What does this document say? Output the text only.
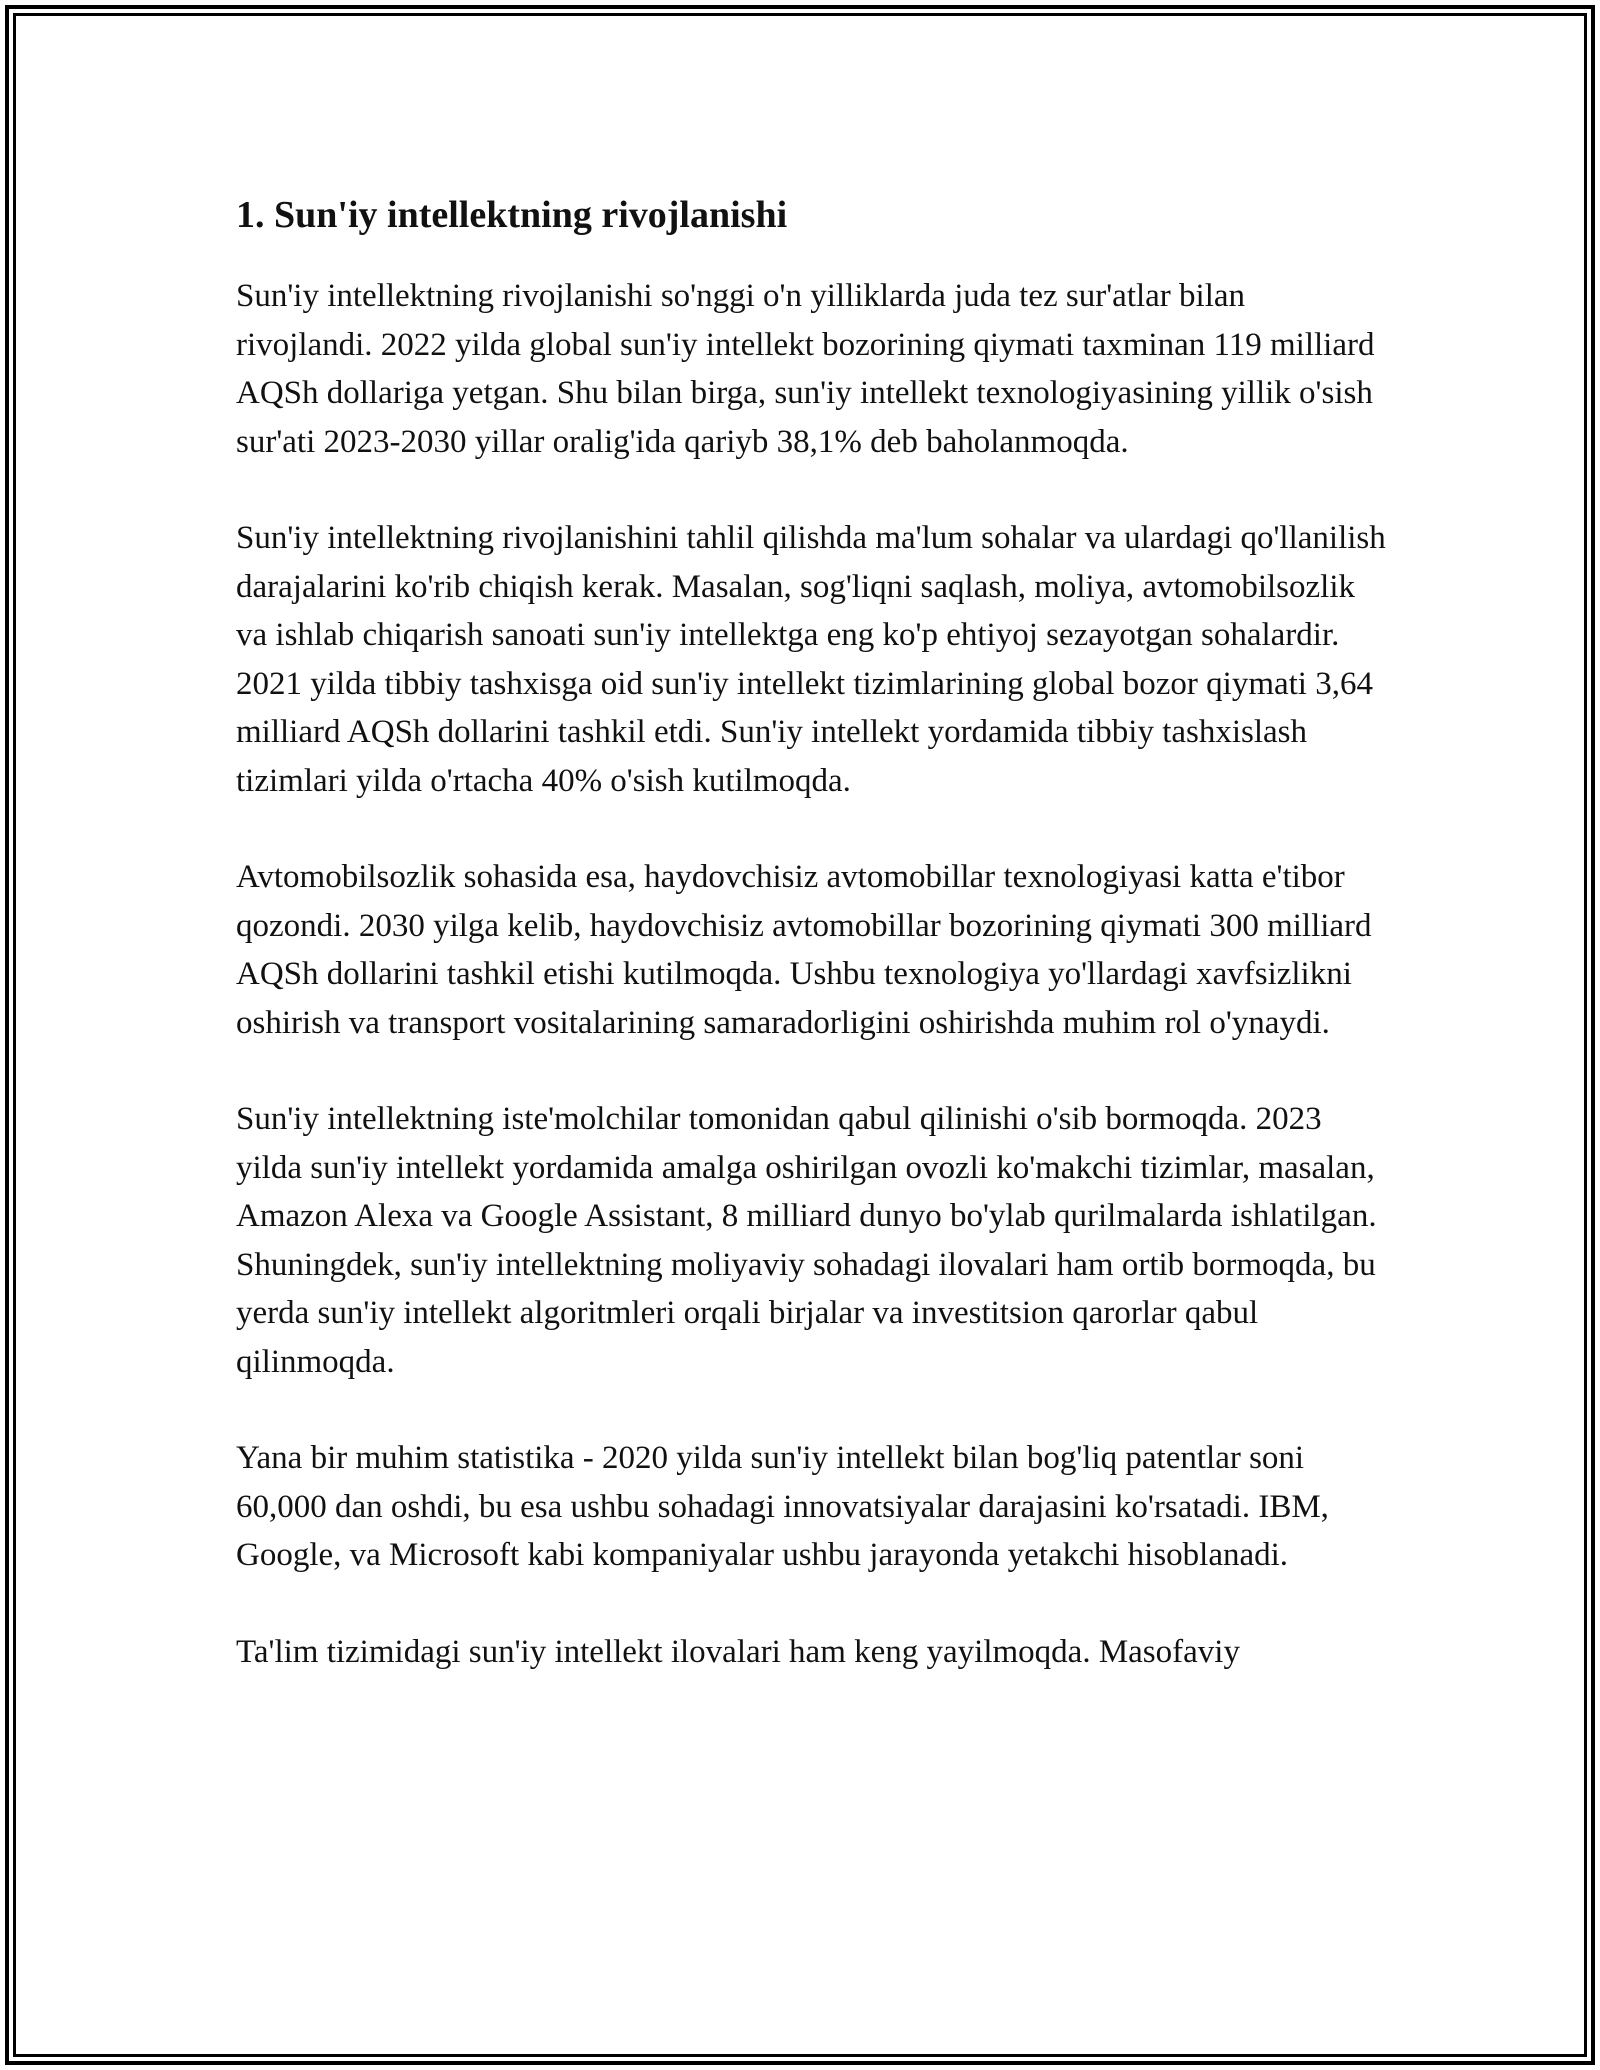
1. Sun'iy intellektning rivojlanishi

Sun'iy intellektning rivojlanishi so'nggi o'n yilliklarda juda tez sur'atlar bilan rivojlandi. 2022 yilda global sun'iy intellekt bozorining qiymati taxminan 119 milliard AQSh dollariga yetgan. Shu bilan birga, sun'iy intellekt texnologiyasining yillik o'sish sur'ati 2023-2030 yillar oralig'ida qariyb 38,1% deb baholanmoqda.

Sun'iy intellektning rivojlanishini tahlil qilishda ma'lum sohalar va ulardagi qo'llanilish darajalarini ko'rib chiqish kerak. Masalan, sog'liqni saqlash, moliya, avtomobilsozlik va ishlab chiqarish sanoati sun'iy intellektga eng ko'p ehtiyoj sezayotgan sohalardir. 2021 yilda tibbiy tashxisga oid sun'iy intellekt tizimlarining global bozor qiymati 3,64 milliard AQSh dollarini tashkil etdi. Sun'iy intellekt yordamida tibbiy tashxislash tizimlari yilda o'rtacha 40% o'sish kutilmoqda.

Avtomobilsozlik sohasida esa, haydovchisiz avtomobillar texnologiyasi katta e'tibor qozondi. 2030 yilga kelib, haydovchisiz avtomobillar bozorining qiymati 300 milliard AQSh dollarini tashkil etishi kutilmoqda. Ushbu texnologiya yo'llardagi xavfsizlikni oshirish va transport vositalarining samaradorligini oshirishda muhim rol o'ynaydi.

Sun'iy intellektning iste'molchilar tomonidan qabul qilinishi o'sib bormoqda. 2023 yilda sun'iy intellekt yordamida amalga oshirilgan ovozli ko'makchi tizimlar, masalan, Amazon Alexa va Google Assistant, 8 milliard dunyo bo'ylab qurilmalarda ishlatilgan. Shuningdek, sun'iy intellektning moliyaviy sohadagi ilovalari ham ortib bormoqda, bu yerda sun'iy intellekt algoritmleri orqali birjalar va investitsion qarorlar qabul qilinmoqda.

Yana bir muhim statistika - 2020 yilda sun'iy intellekt bilan bog'liq patentlar soni 60,000 dan oshdi, bu esa ushbu sohadagi innovatsiyalar darajasini ko'rsatadi. IBM, Google, va Microsoft kabi kompaniyalar ushbu jarayonda yetakchi hisoblanadi.

Ta'lim tizimidagi sun'iy intellekt ilovalari ham keng yayilmoqda. Masofaviy
